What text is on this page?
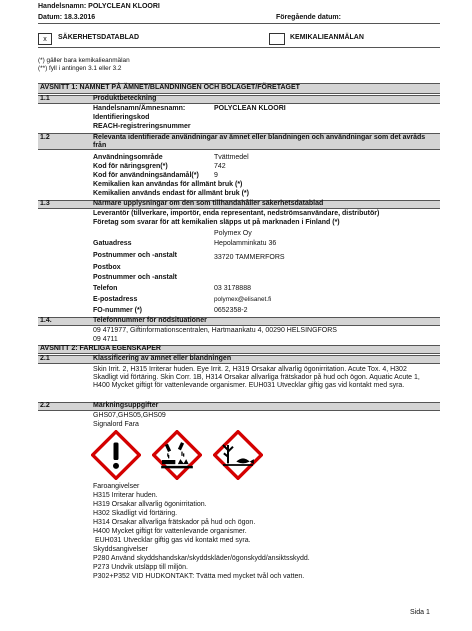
Handelsnamn: POLYCLEAN KLOORI
Datum: 18.3.2016	Föregående datum:
x	SÄKERHETSDATABLAD	KEMIKALIEANMÄLAN
(*) gäller bara kemikalieanmälan
(**) fyll i antingen 3.1 eller 3.2
AVSNITT 1: NAMNET PÅ ÄMNET/BLANDNINGEN OCH BOLAGET/FÖRETAGET
1.1	Produktbeteckning
Handelsnamn/Ämnesnamn:	POLYCLEAN KLOORI
Identifieringskod
REACH-registreringsnummer
1.2	Relevanta identifierade användningar av ämnet eller blandningen och användningar som det avråds från
Användningsområde	Tvättmedel
Kod för näringsgren(*)	742
Kod för användningsändamål(*) 9
Kemikalien kan användas för allmänt bruk (*)
Kemikalien används endast för allmänt bruk (*)
1.3	Närmare upplysningar om den som tillhandahåller säkerhetsdatablad
Leverantör (tillverkare, importör, enda representant, nedströmsanvändare, distributör)
Företag som svarar för att kemikalien släpps ut på marknaden i Finland (*)
Polymex Oy
Gatuadress	Hepolamminkatu 36
Postnummer och -anstalt	33720 TAMMERFORS
Postbox
Postnummer och -anstalt
Telefon	03 3178888
E-postadress	polymex@elisanet.fi
FO-nummer (*)	0652358-2
1.4.	Telefonnummer för nödsituationer
09 471977, Giftinformationscentralen, Hartmaankatu 4, 00290 HELSINGFORS
09 4711
AVSNITT 2: FARLIGA EGENSKAPER
2.1	Klassificering av ämnet eller blandningen
Skin Irrit. 2, H315 Irriterar huden. Eye Irrit. 2, H319 Orsakar allvarlig ögonirritation. Acute Tox. 4, H302 Skadligt vid förtäring. Skin Corr. 1B, H314 Orsakar allvarliga frätskador på hud och ögon. Aquatic Acute 1, H400 Mycket giftigt för vattenlevande organismer. EUH031 Utvecklar giftig gas vid kontakt med syra.
2.2	Märkningsuppgifter
GHS07,GHS05,GHS09
Signalord Fara
Faroangivelser
H315 Irriterar huden.
H319 Orsakar allvarlig ögonirritation.
H302 Skadligt vid förtäring.
H314 Orsakar allvarliga frätskador på hud och ögon.
H400 Mycket giftigt för vattenlevande organismer.
EUH031 Utvecklar giftig gas vid kontakt med syra.
Skyddsangivelser
P280 Använd skyddshandskar/skyddskläder/ögonskydd/ansiktsskydd.
P273 Undvik utsläpp till miljön.
P302+P352 VID HUDKONTAKT: Tvätta med mycket tvål och vatten.
Sida 1
